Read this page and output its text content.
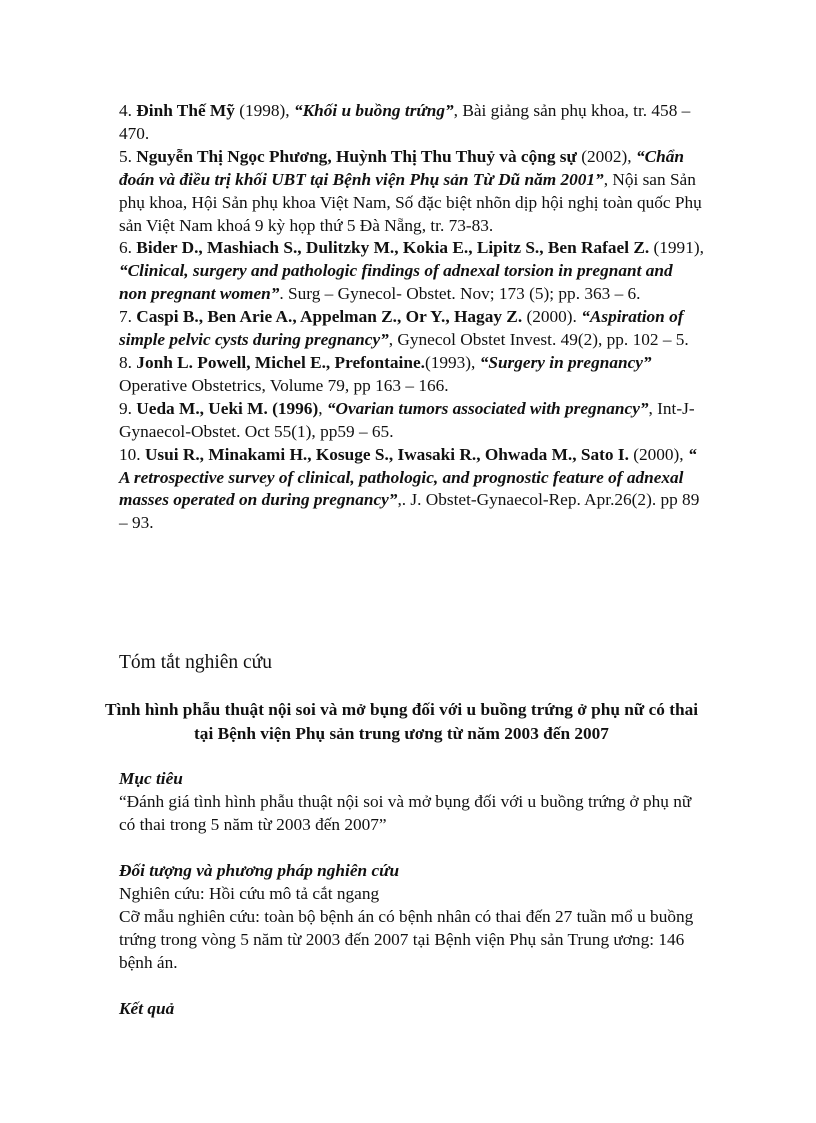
4. Đinh Thế Mỹ (1998), “Khối u buồng trứng”, Bài giảng sản phụ khoa, tr. 458 – 470.

5. Nguyễn Thị Ngọc Phương, Huỳnh Thị Thu Thuỷ và cộng sự (2002), “Chẩn đoán và điều trị khối UBT tại Bệnh viện Phụ sản Từ Dũ năm 2001”, Nội san Sản phụ khoa, Hội Sản phụ khoa Việt Nam, Số đặc biệt nhõn dịp hội nghị toàn quốc Phụ sản Việt Nam khoá 9 kỳ họp thứ 5 Đà Nẵng, tr. 73-83.

6. Bider D., Mashiach S., Dulitzky M., Kokia E., Lipitz S., Ben Rafael Z. (1991), “Clinical, surgery and pathologic findings of adnexal torsion in pregnant and non pregnant women”. Surg – Gynecol- Obstet. Nov; 173 (5); pp. 363 – 6.

7. Caspi B., Ben Arie A., Appelman Z., Or Y., Hagay Z. (2000). “Aspiration of simple pelvic cysts during pregnancy”, Gynecol Obstet Invest. 49(2), pp. 102 – 5.

8. Jonh L. Powell, Michel E., Prefontaine.(1993), “Surgery in pregnancy” Operative Obstetrics, Volume 79, pp 163 – 166.

9. Ueda M., Ueki M. (1996), “Ovarian tumors associated with pregnancy”, Int-J- Gynaecol-Obstet. Oct 55(1), pp59 – 65.

10. Usui R., Minakami H., Kosuge S., Iwasaki R., Ohwada M., Sato I. (2000), “ A retrospective survey of clinical, pathologic, and prognostic feature of adnexal masses operated on during pregnancy”,. J. Obstet-Gynaecol-Rep. Apr.26(2). pp 89 – 93.

Tóm tắt nghiên cứu

Tình hình phẫu thuật nội soi và mở bụng đối với u buồng trứng ở phụ nữ có thai tại Bệnh viện Phụ sản trung ương từ năm 2003 đến 2007

Mục tiêu

“Đánh giá tình hình phẫu thuật nội soi và mở bụng đối với u buồng trứng ở phụ nữ có thai trong 5 năm từ 2003 đến 2007”

Đối tượng và phương pháp nghiên cứu

Nghiên cứu: Hồi cứu mô tả cắt ngang

Cỡ mẫu nghiên cứu: toàn bộ bệnh án có bệnh nhân có thai đến 27 tuần mổ u buồng trứng trong vòng 5 năm từ 2003 đến 2007 tại Bệnh viện Phụ sản Trung ương: 146 bệnh án.

Kết quả
